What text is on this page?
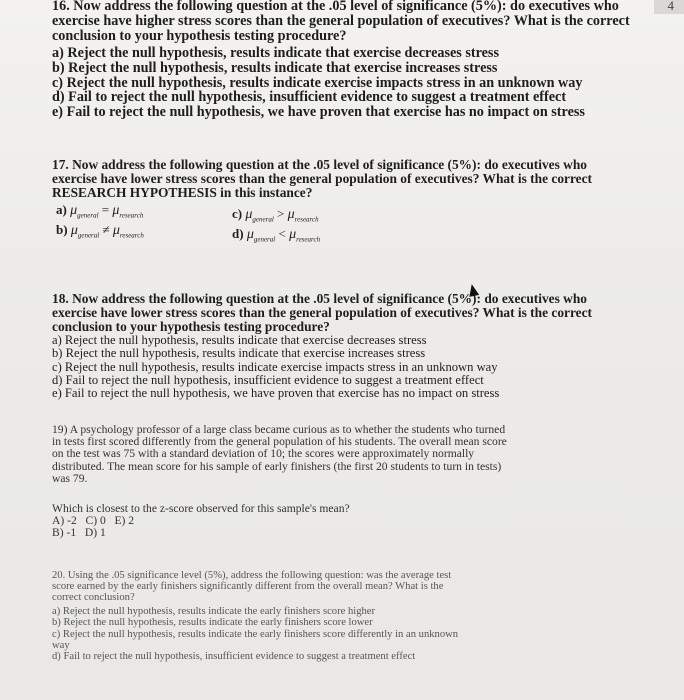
4
16. Now address the following question at the .05 level of significance (5%): do executives who
exercise have higher stress scores than the general population of executives? What is the correct
conclusion to your hypothesis testing procedure?
a) Reject the null hypothesis, results indicate that exercise decreases stress
b) Reject the null hypothesis, results indicate that exercise increases stress
c) Reject the null hypothesis, results indicate exercise impacts stress in an unknown way
d) Fail to reject the null hypothesis, insufficient evidence to suggest a treatment effect
e) Fail to reject the null hypothesis, we have proven that exercise has no impact on stress
17. Now address the following question at the .05 level of significance (5%): do executives who
exercise have lower stress scores than the general population of executives? What is the correct
RESEARCH HYPOTHESIS in this instance?
a) $\mu_{general} = \mu_{research}$	c) $\mu_{general} > \mu_{research}$
b) $\mu_{general} \ne \mu_{research}$	d) $\mu_{general} < \mu_{research}$
18. Now address the following question at the .05 level of significance (5%): do executives who
exercise have lower stress scores than the general population of executives? What is the correct
conclusion to your hypothesis testing procedure?
a) Reject the null hypothesis, results indicate that exercise decreases stress
b) Reject the null hypothesis, results indicate that exercise increases stress
c) Reject the null hypothesis, results indicate exercise impacts stress in an unknown way
d) Fail to reject the null hypothesis, insufficient evidence to suggest a treatment effect
e) Fail to reject the null hypothesis, we have proven that exercise has no impact on stress
19) A psychology professor of a large class became curious as to whether the students who turned
in tests first scored differently from the general population of his students. The overall mean score
on the test was 75 with a standard deviation of 10; the scores were approximately normally
distributed. The mean score for his sample of early finishers (the first 20 students to turn in tests)
was 79.
Which is closest to the z-score observed for this sample's mean?
A) -2   C) 0   E) 2
B) -1   D) 1
20. Using the .05 significance level (5%), address the following question: was the average test
score earned by the early finishers significantly different from the overall mean? What is the
correct conclusion?
a) Reject the null hypothesis, results indicate the early finishers score higher
b) Reject the null hypothesis, results indicate the early finishers score lower
c) Reject the null hypothesis, results indicate the early finishers score differently in an unknown
way
d) Fail to reject the null hypothesis, insufficient evidence to suggest a treatment effect
